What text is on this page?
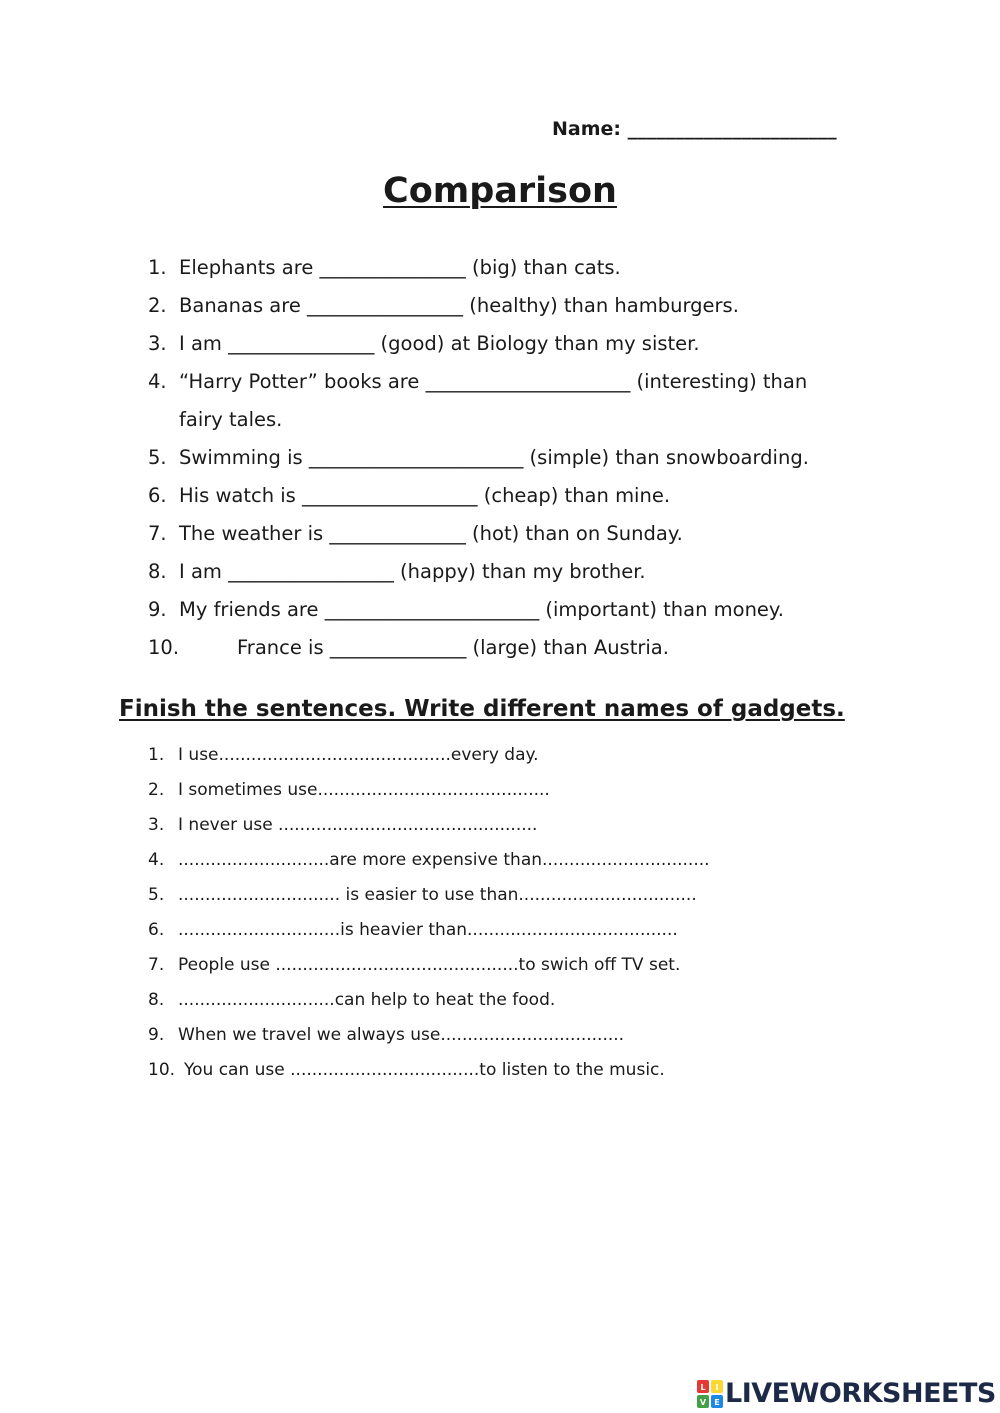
Name: ______________________
Comparison
1. Elephants are _______________ (big) than cats.
2. Bananas are ________________ (healthy) than hamburgers.
3. I am _______________ (good) at Biology than my sister.
4. “Harry Potter” books are _____________________ (interesting) than
fairy tales.
5. Swimming is ______________________ (simple) than snowboarding.
6. His watch is __________________ (cheap) than mine.
7. The weather is ______________ (hot) than on Sunday.
8. I am _________________ (happy) than my brother.
9. My friends are ______________________ (important) than money.
10.	France is ______________ (large) than Austria.
Finish the sentences. Write different names of gadgets.
1. I use...........................................every day.
2. I sometimes use...........................................
3. I never use ................................................
4. ............................are more expensive than...............................
5. .............................. is easier to use than.................................
6. ..............................is heavier than.......................................
7. People use .............................................to swich off TV set.
8. .............................can help to heat the food.
9. When we travel we always use..................................
10. You can use ...................................to listen to the music.
L I
V E LIVEWORKSHEETS
